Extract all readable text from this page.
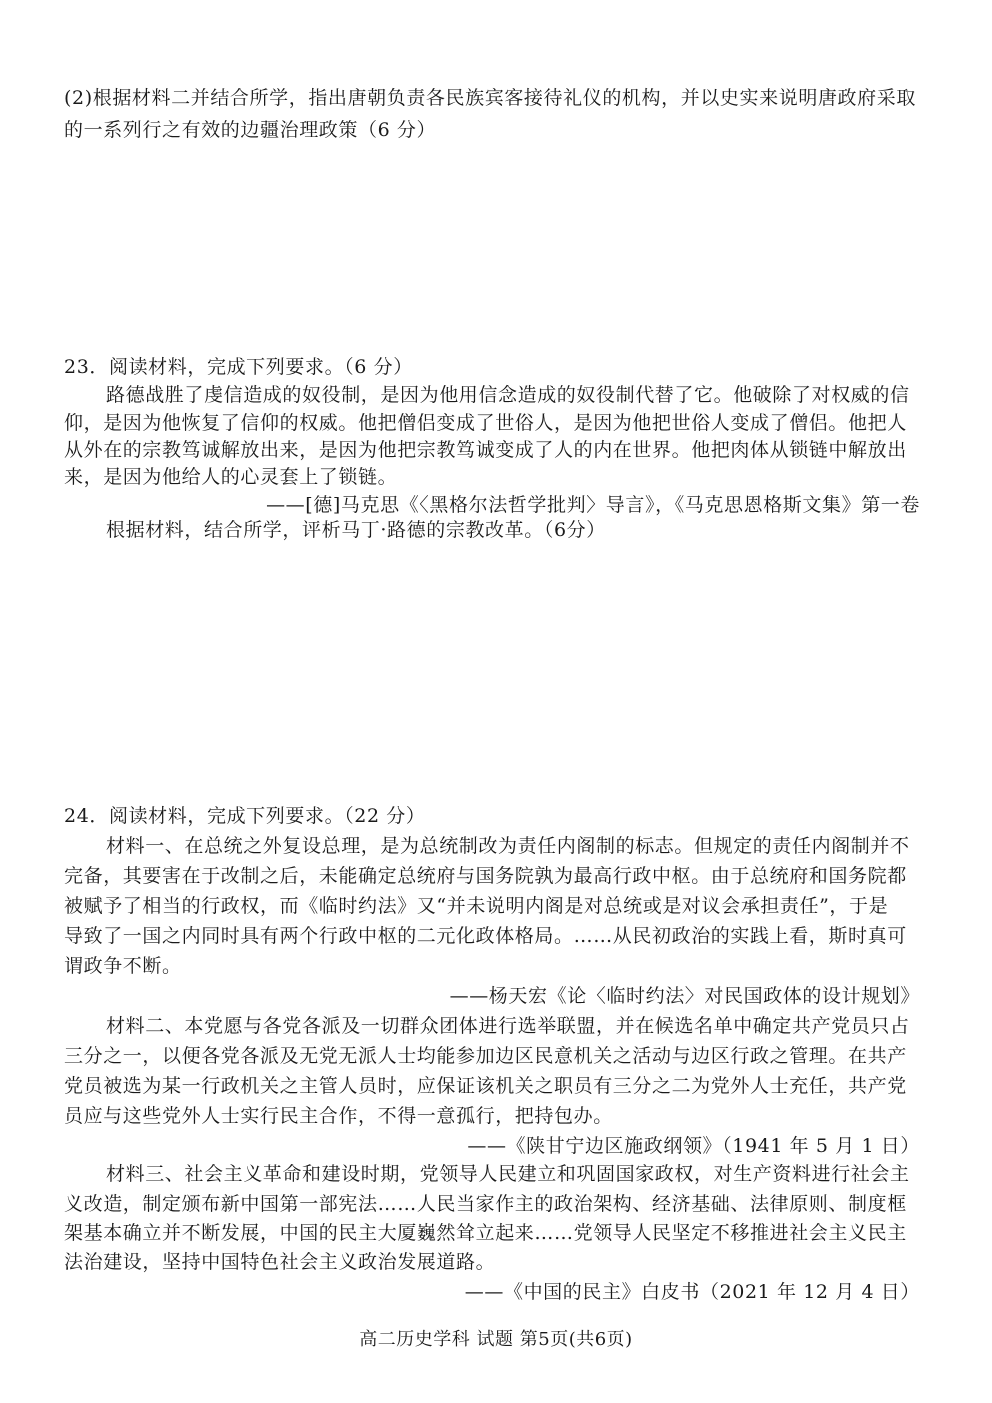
(2)根据材料二并结合所学，指出唐朝负责各民族宾客接待礼仪的机构，并以史实来说明唐政府采取
的一系列行之有效的边疆治理政策（6 分）
23．阅读材料，完成下列要求。（6 分）
路德战胜了虔信造成的奴役制，是因为他用信念造成的奴役制代替了它。他破除了对权威的信
仰，是因为他恢复了信仰的权威。他把僧侣变成了世俗人，是因为他把世俗人变成了僧侣。他把人
从外在的宗教笃诚解放出来，是因为他把宗教笃诚变成了人的内在世界。他把肉体从锁链中解放出
来，是因为他给人的心灵套上了锁链。
——[德]马克思《〈黑格尔法哲学批判〉导言》，《马克思恩格斯文集》第一卷
根据材料，结合所学，评析马丁·路德的宗教改革。（6分）
24．阅读材料，完成下列要求。（22 分）
材料一、在总统之外复设总理，是为总统制改为责任内阁制的标志。但规定的责任内阁制并不
完备，其要害在于改制之后，未能确定总统府与国务院孰为最高行政中枢。由于总统府和国务院都
被赋予了相当的行政权，而《临时约法》又“并未说明内阁是对总统或是对议会承担责任”，于是
导致了一国之内同时具有两个行政中枢的二元化政体格局。……从民初政治的实践上看，斯时真可
谓政争不断。
——杨天宏《论〈临时约法〉对民国政体的设计规划》
材料二、本党愿与各党各派及一切群众团体进行选举联盟，并在候选名单中确定共产党员只占
三分之一，以便各党各派及无党无派人士均能参加边区民意机关之活动与边区行政之管理。在共产
党员被选为某一行政机关之主管人员时，应保证该机关之职员有三分之二为党外人士充任，共产党
员应与这些党外人士实行民主合作，不得一意孤行，把持包办。
——《陕甘宁边区施政纲领》（1941 年 5 月 1 日）
材料三、社会主义革命和建设时期，党领导人民建立和巩固国家政权，对生产资料进行社会主
义改造，制定颁布新中国第一部宪法……人民当家作主的政治架构、经济基础、法律原则、制度框
架基本确立并不断发展，中国的民主大厦巍然耸立起来……党领导人民坚定不移推进社会主义民主
法治建设，坚持中国特色社会主义政治发展道路。
——《中国的民主》白皮书（2021 年 12 月 4 日）
高二历史学科 试题 第5页(共6页)
